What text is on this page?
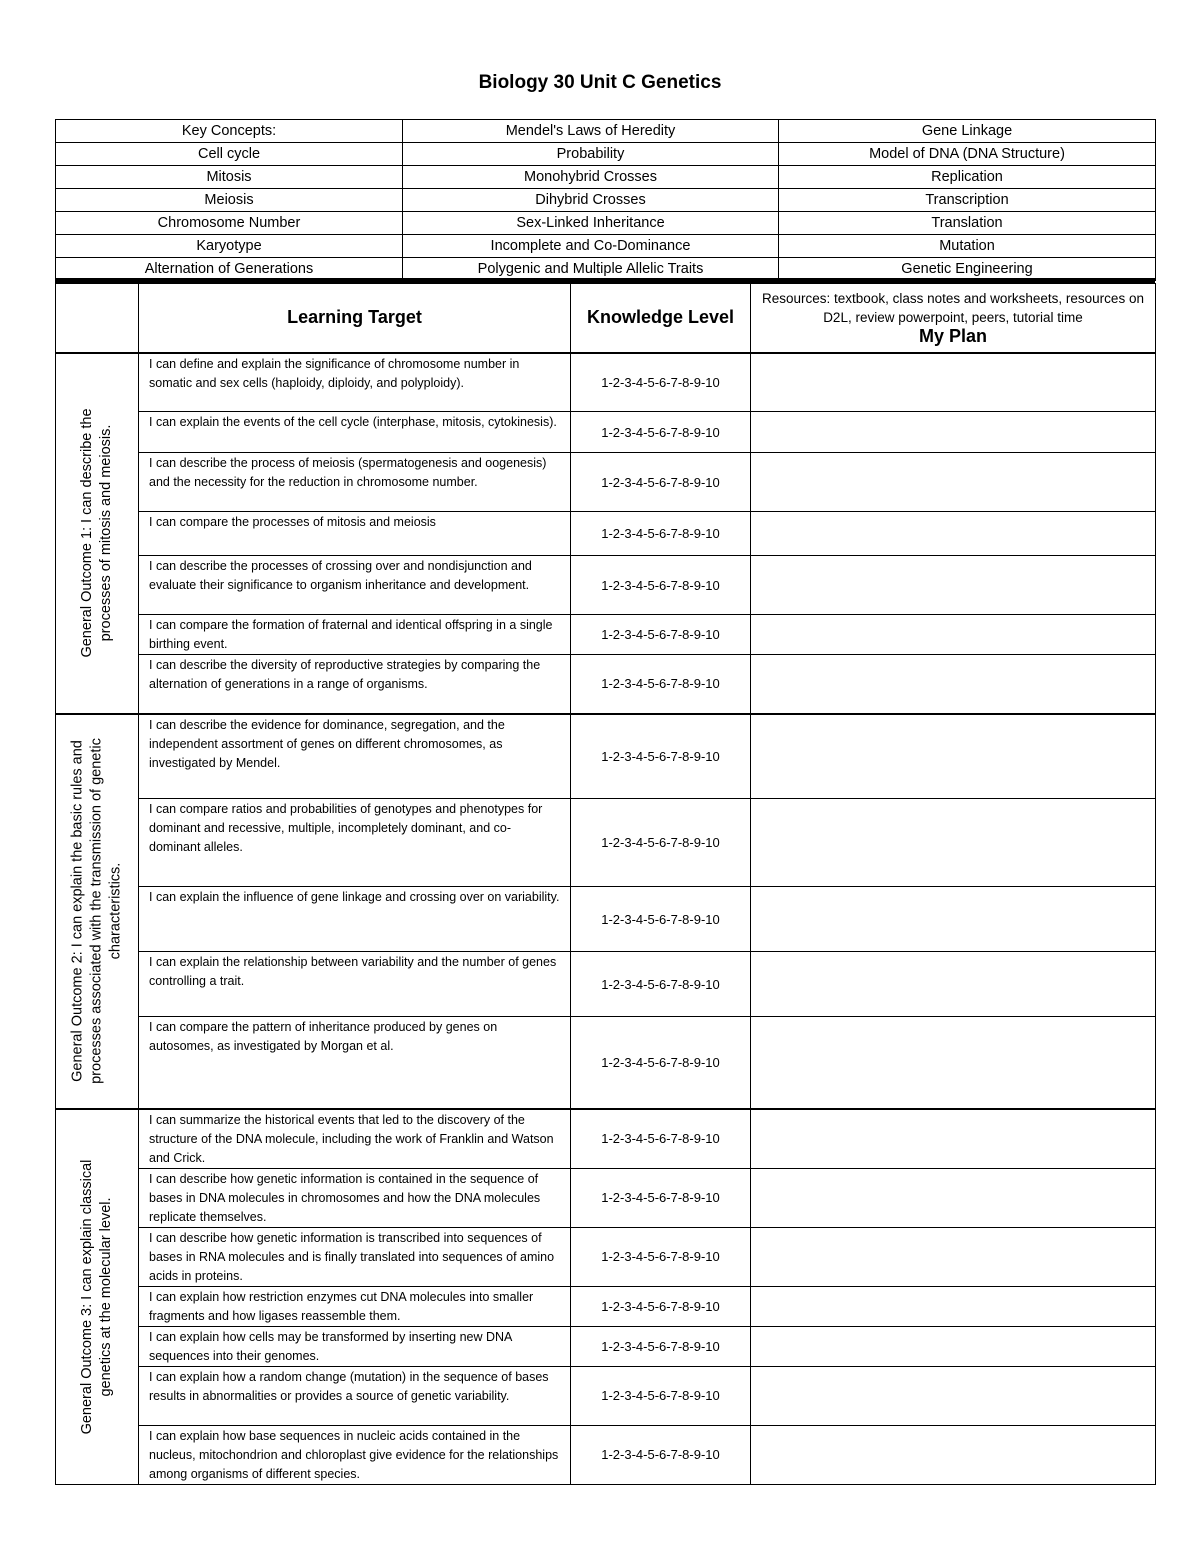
Biology 30 Unit C Genetics
Key Concepts:	Mendel's Laws of Heredity	Gene Linkage
Cell cycle	Probability	Model of DNA (DNA Structure)
Mitosis	Monohybrid Crosses	Replication
Meiosis	Dihybrid Crosses	Transcription
Chromosome Number	Sex-Linked Inheritance	Translation
Karyotype	Incomplete and Co-Dominance	Mutation
Alternation of Generations	Polygenic and Multiple Allelic Traits	Genetic Engineering
	Learning Target	Knowledge Level	Resources: textbook, class notes and worksheets, resources on D2L, review powerpoint, peers, tutorial time
My Plan

General Outcome 1: I can describe the processes of mitosis and meiosis.	I can define and explain the significance of chromosome number in somatic and sex cells (haploidy, diploidy, and polyploidy).	1-2-3-4-5-6-7-8-9-10	
	I can explain the events of the cell cycle (interphase, mitosis, cytokinesis).	1-2-3-4-5-6-7-8-9-10	
	I can describe the process of meiosis (spermatogenesis and oogenesis) and the necessity for the reduction in chromosome number.	1-2-3-4-5-6-7-8-9-10	
	I can compare the processes of mitosis and meiosis	1-2-3-4-5-6-7-8-9-10	
	I can describe the processes of crossing over and nondisjunction and evaluate their significance to organism inheritance and development.	1-2-3-4-5-6-7-8-9-10	
	I can compare the formation of fraternal and identical offspring in a single birthing event.	1-2-3-4-5-6-7-8-9-10	
	I can describe the diversity of reproductive strategies by comparing the alternation of generations in a range of organisms.	1-2-3-4-5-6-7-8-9-10	

General Outcome 2: I can explain the basic rules and processes associated with the transmission of genetic characteristics.	I can describe the evidence for dominance, segregation, and the independent assortment of genes on different chromosomes, as investigated by Mendel.	1-2-3-4-5-6-7-8-9-10	
	I can compare ratios and probabilities of genotypes and phenotypes for dominant and recessive, multiple, incompletely dominant, and co-dominant alleles.	1-2-3-4-5-6-7-8-9-10	
	I can explain the influence of gene linkage and crossing over on variability.	1-2-3-4-5-6-7-8-9-10	
	I can explain the relationship between variability and the number of genes controlling a trait.	1-2-3-4-5-6-7-8-9-10	
	I can compare the pattern of inheritance produced by genes on autosomes, as investigated by Morgan et al.	1-2-3-4-5-6-7-8-9-10	

General Outcome 3: I can explain classical genetics at the molecular level.	I can summarize the historical events that led to the discovery of the structure of the DNA molecule, including the work of Franklin and Watson and Crick.	1-2-3-4-5-6-7-8-9-10	
	I can describe how genetic information is contained in the sequence of bases in DNA molecules in chromosomes and how the DNA molecules replicate themselves.	1-2-3-4-5-6-7-8-9-10	
	I can describe how genetic information is transcribed into sequences of bases in RNA molecules and is finally translated into sequences of amino acids in proteins.	1-2-3-4-5-6-7-8-9-10	
	I can explain how restriction enzymes cut DNA molecules into smaller fragments and how ligases reassemble them.	1-2-3-4-5-6-7-8-9-10	
	I can explain how cells may be transformed by inserting new DNA sequences into their genomes.	1-2-3-4-5-6-7-8-9-10	
	I can explain how a random change (mutation) in the sequence of bases results in abnormalities or provides a source of genetic variability.	1-2-3-4-5-6-7-8-9-10	
	I can explain how base sequences in nucleic acids contained in the nucleus, mitochondrion and chloroplast give evidence for the relationships among organisms of different species.	1-2-3-4-5-6-7-8-9-10	
